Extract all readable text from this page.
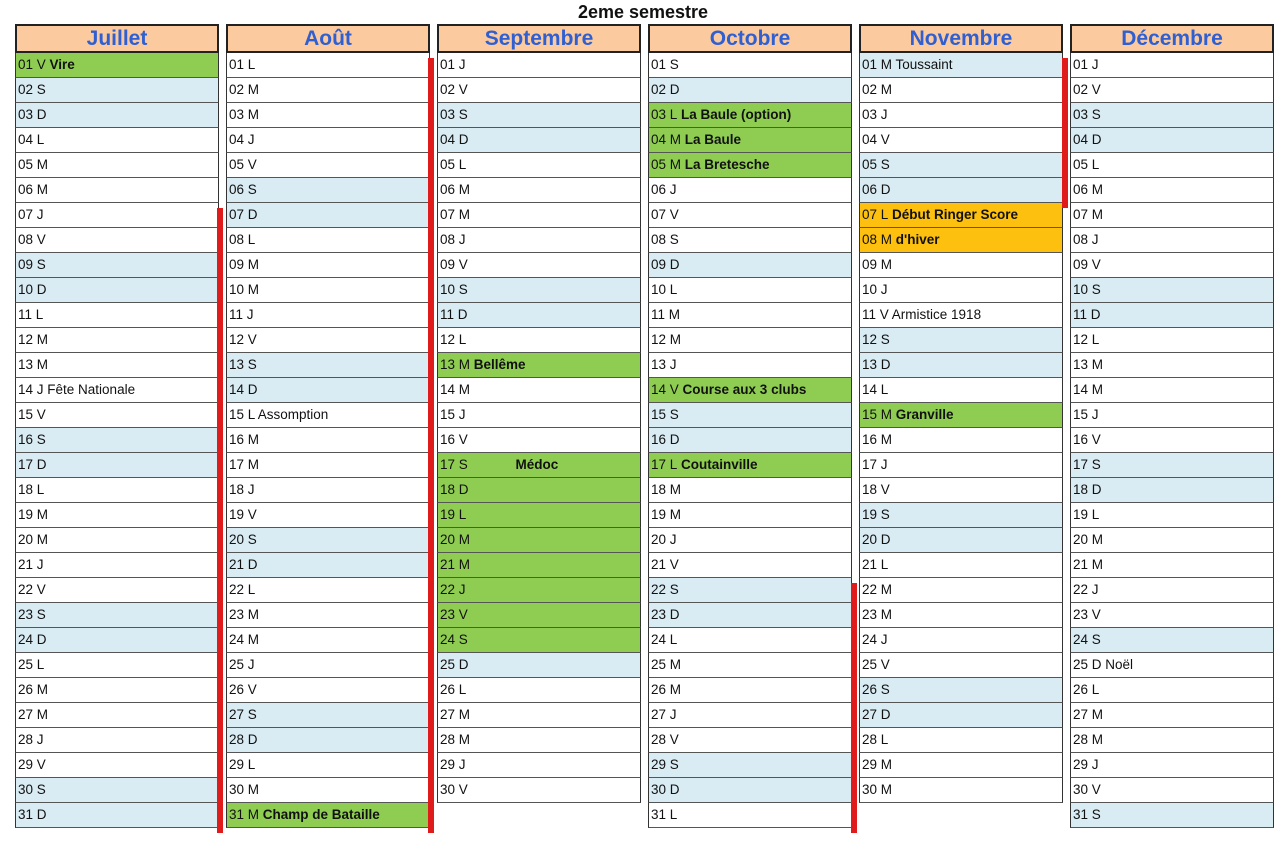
2eme semestre
Juillet
01 V Vire
02 S
03 D
04 L
05 M
06 M
07 J
08 V
09 S
10 D
11 L
12 M
13 M
14 J Fête Nationale
15 V
16 S
17 D
18 L
19 M
20 M
21 J
22 V
23 S
24 D
25 L
26 M
27 M
28 J
29 V
30 S
31 D
Août
01 L
02 M
03 M
04 J
05 V
06 S
07 D
08 L
09 M
10 M
11 J
12 V
13 S
14 D
15 L Assomption
16 M
17 M
18 J
19 V
20 S
21 D
22 L
23 M
24 M
25 J
26 V
27 S
28 D
29 L
30 M
31 M Champ de Bataille
Septembre
01 J
02 V
03 S
04 D
05 L
06 M
07 M
08 J
09 V
10 S
11 D
12 L
13 M Bellême
14 M
15 J
16 V
17 S	Médoc
18 D
19 L
20 M
21 M
22 J
23 V
24 S
25 D
26 L
27 M
28 M
29 J
30 V
Octobre
01 S
02 D
03 L La Baule (option)
04 M La Baule
05 M La Bretesche
06 J
07 V
08 S
09 D
10 L
11 M
12 M
13 J
14 V Course aux 3 clubs
15 S
16 D
17 L Coutainville
18 M
19 M
20 J
21 V
22 S
23 D
24 L
25 M
26 M
27 J
28 V
29 S
30 D
31 L
Novembre
01 M Toussaint
02 M
03 J
04 V
05 S
06 D
07 L Début Ringer Score
08 M d'hiver
09 M
10 J
11 V Armistice 1918
12 S
13 D
14 L
15 M Granville
16 M
17 J
18 V
19 S
20 D
21 L
22 M
23 M
24 J
25 V
26 S
27 D
28 L
29 M
30 M
Décembre
01 J
02 V
03 S
04 D
05 L
06 M
07 M
08 J
09 V
10 S
11 D
12 L
13 M
14 M
15 J
16 V
17 S
18 D
19 L
20 M
21 M
22 J
23 V
24 S
25 D Noël
26 L
27 M
28 M
29 J
30 V
31 S
